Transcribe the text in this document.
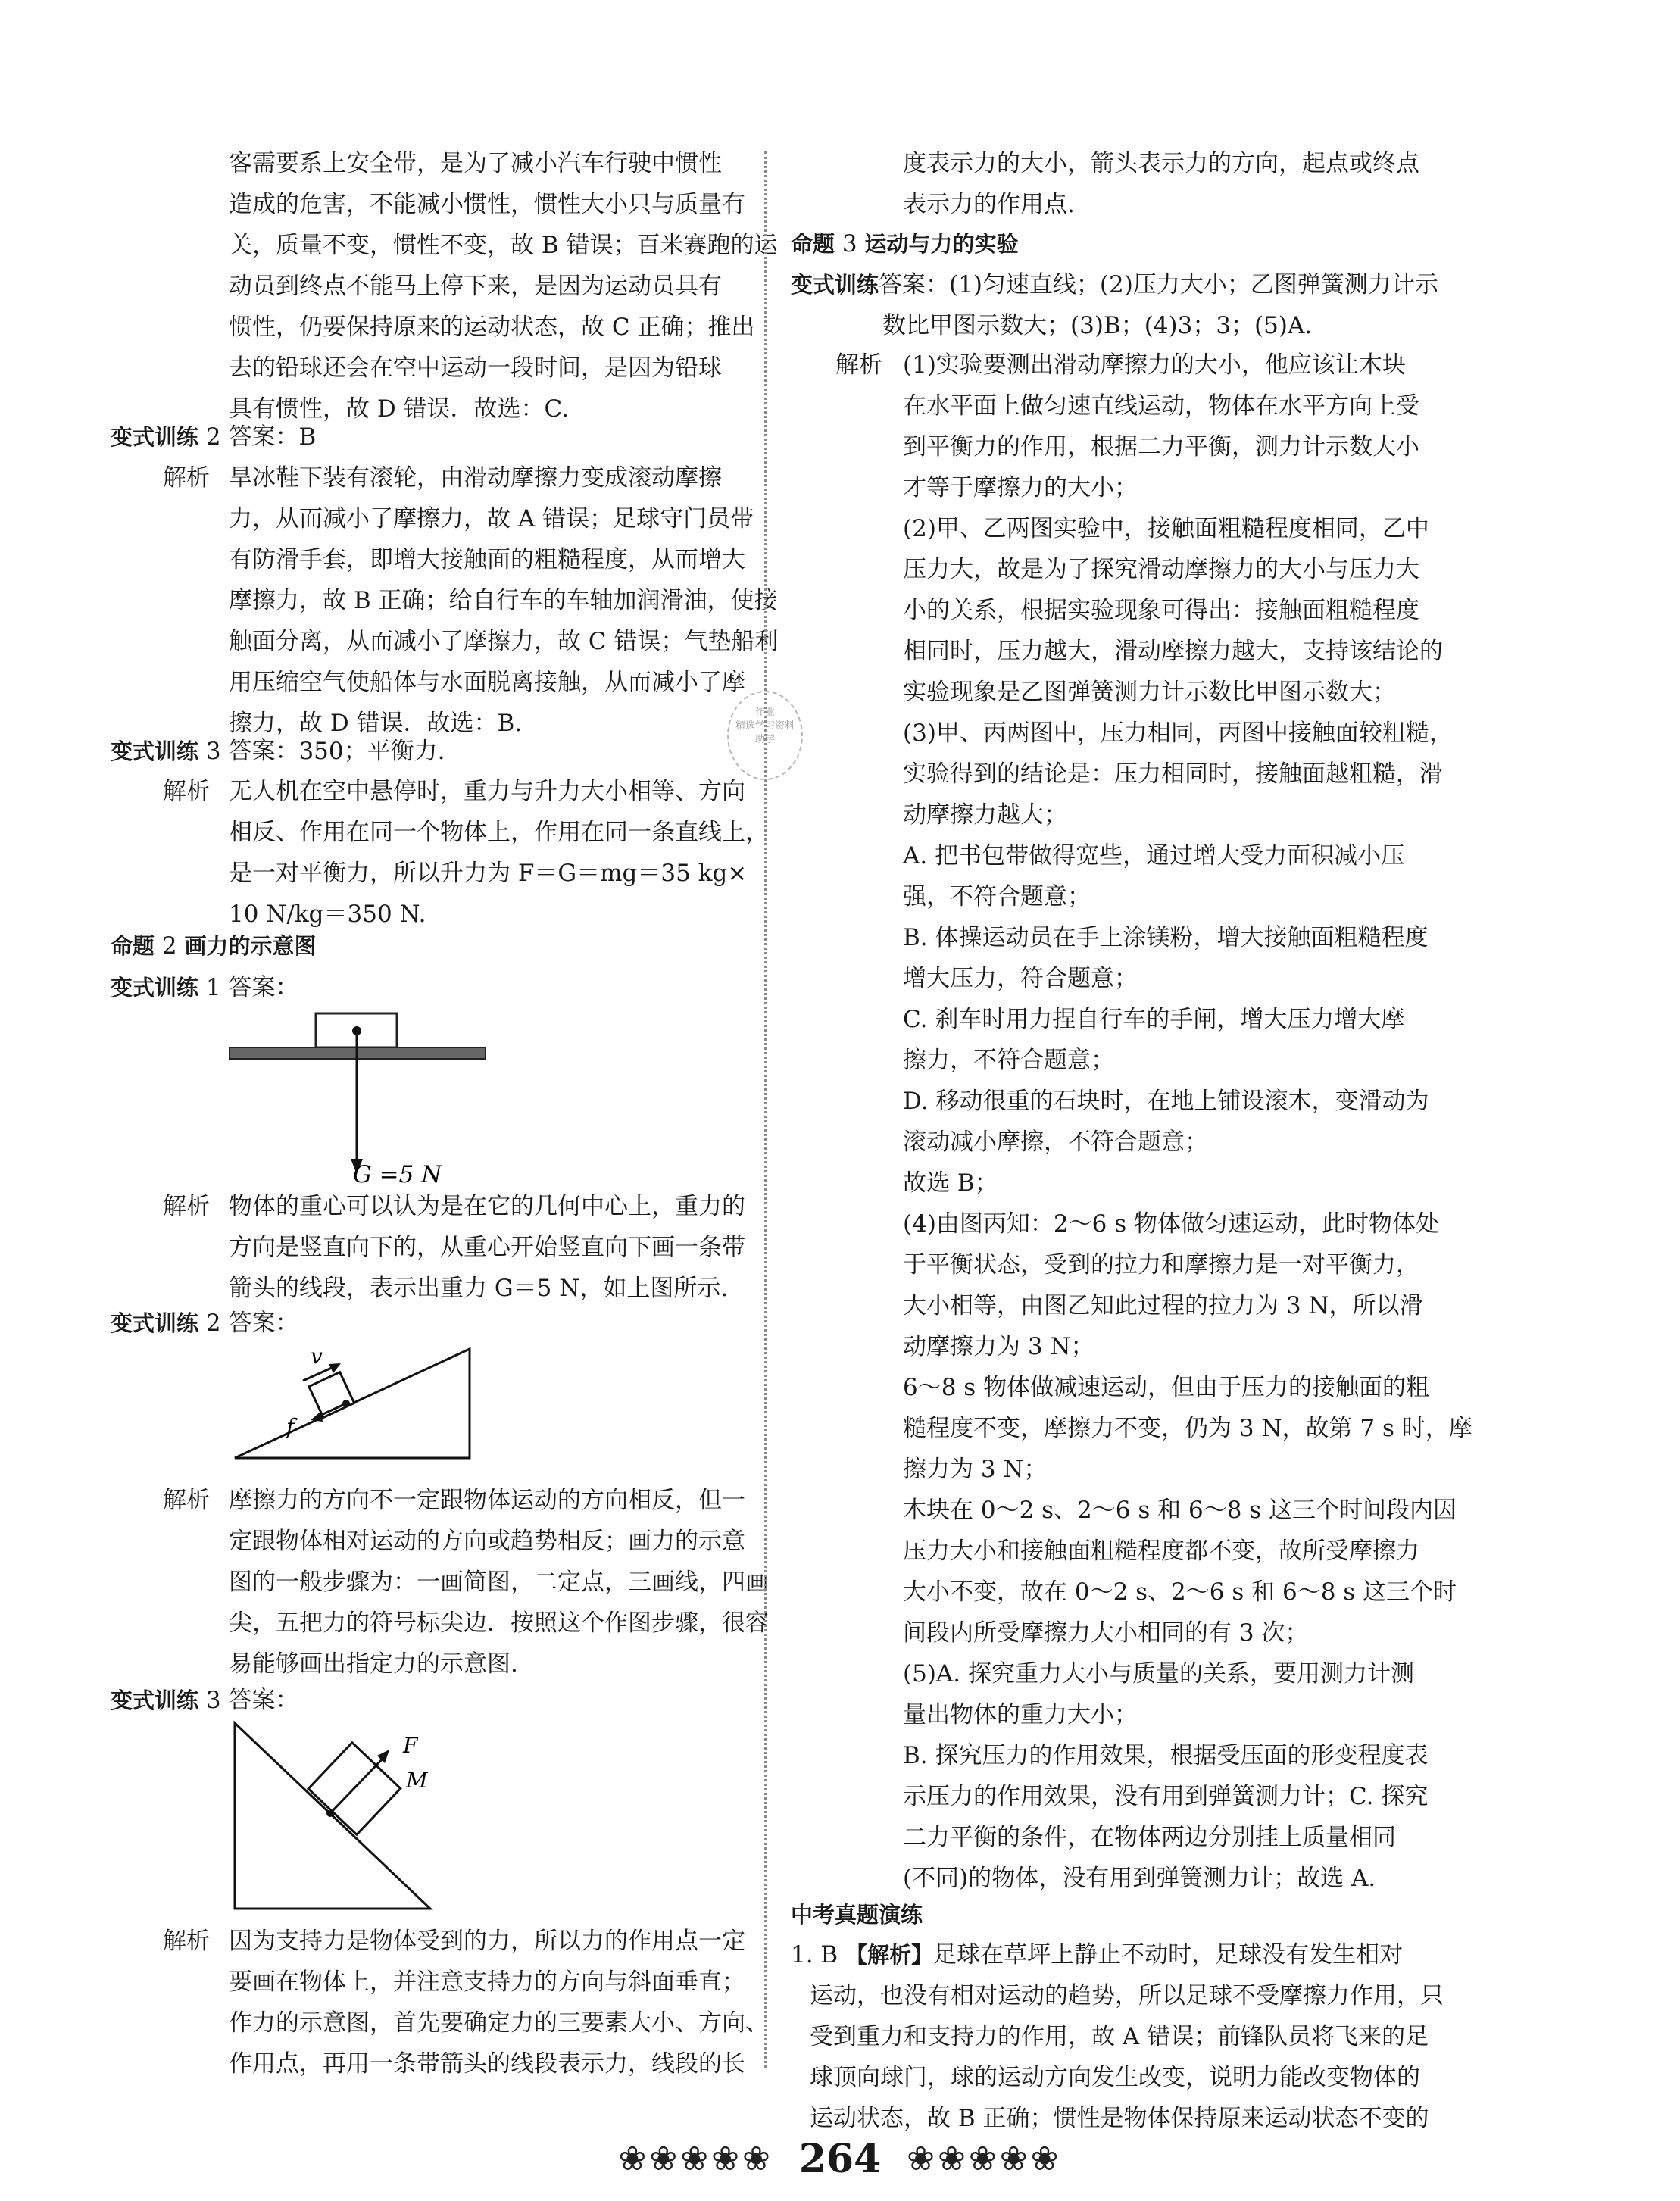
客需要系上安全带，是为了减小汽车行驶中惯性
造成的危害，不能减小惯性，惯性大小只与质量有
关，质量不变，惯性不变，故 B 错误；百米赛跑的运
动员到终点不能马上停下来，是因为运动员具有
惯性，仍要保持原来的运动状态，故 C 正确；推出
去的铅球还会在空中运动一段时间，是因为铅球
具有惯性，故 D 错误．故选：C.
变式训练 2 答案：B
解析 旱冰鞋下装有滚轮，由滑动摩擦力变成滚动摩擦
力，从而减小了摩擦力，故 A 错误；足球守门员带
有防滑手套，即增大接触面的粗糙程度，从而增大
摩擦力，故 B 正确；给自行车的车轴加润滑油，使接
触面分离，从而减小了摩擦力，故 C 错误；气垫船利
用压缩空气使船体与水面脱离接触，从而减小了摩
擦力，故 D 错误．故选：B.
变式训练 3 答案：350；平衡力.
解析 无人机在空中悬停时，重力与升力大小相等、方向
相反、作用在同一个物体上，作用在同一条直线上，
是一对平衡力，所以升力为 F＝G＝mg＝35 kg×
10 N/kg＝350 N.
命题 2 画力的示意图
变式训练 1 答案：
G =5 N
解析 物体的重心可以认为是在它的几何中心上，重力的
方向是竖直向下的，从重心开始竖直向下画一条带
箭头的线段，表示出重力 G＝5 N，如上图所示.
变式训练 2 答案：
v
f
解析 摩擦力的方向不一定跟物体运动的方向相反，但一
定跟物体相对运动的方向或趋势相反；画力的示意
图的一般步骤为：一画简图，二定点，三画线，四画
尖，五把力的符号标尖边．按照这个作图步骤，很容
易能够画出指定力的示意图.
变式训练 3 答案：
F
M
解析 因为支持力是物体受到的力，所以力的作用点一定
要画在物体上，并注意支持力的方向与斜面垂直；
作力的示意图，首先要确定力的三要素大小、方向、
作用点，再用一条带箭头的线段表示力，线段的长
作业
精选学习资料
助学
度表示力的大小，箭头表示力的方向，起点或终点
表示力的作用点.
命题 3 运动与力的实验
变式训练答案：(1)匀速直线；(2)压力大小；乙图弹簧测力计示
数比甲图示数大；(3)B；(4)3；3；(5)A.
解析 (1)实验要测出滑动摩擦力的大小，他应该让木块
在水平面上做匀速直线运动，物体在水平方向上受
到平衡力的作用，根据二力平衡，测力计示数大小
才等于摩擦力的大小；
(2)甲、乙两图实验中，接触面粗糙程度相同，乙中
压力大，故是为了探究滑动摩擦力的大小与压力大
小的关系，根据实验现象可得出：接触面粗糙程度
相同时，压力越大，滑动摩擦力越大，支持该结论的
实验现象是乙图弹簧测力计示数比甲图示数大；
(3)甲、丙两图中，压力相同，丙图中接触面较粗糙，
实验得到的结论是：压力相同时，接触面越粗糙，滑
动摩擦力越大；
A. 把书包带做得宽些，通过增大受力面积减小压
强，不符合题意；
B. 体操运动员在手上涂镁粉，增大接触面粗糙程度
增大压力，符合题意；
C. 刹车时用力捏自行车的手闸，增大压力增大摩
擦力，不符合题意；
D. 移动很重的石块时，在地上铺设滚木，变滑动为
滚动减小摩擦，不符合题意；
故选 B；
(4)由图丙知：2～6 s 物体做匀速运动，此时物体处
于平衡状态，受到的拉力和摩擦力是一对平衡力，
大小相等，由图乙知此过程的拉力为 3 N，所以滑
动摩擦力为 3 N；
6～8 s 物体做减速运动，但由于压力的接触面的粗
糙程度不变，摩擦力不变，仍为 3 N，故第 7 s 时，摩
擦力为 3 N；
木块在 0～2 s、2～6 s 和 6～8 s 这三个时间段内因
压力大小和接触面粗糙程度都不变，故所受摩擦力
大小不变，故在 0～2 s、2～6 s 和 6～8 s 这三个时
间段内所受摩擦力大小相同的有 3 次；
(5)A. 探究重力大小与质量的关系，要用测力计测
量出物体的重力大小；
B. 探究压力的作用效果，根据受压面的形变程度表
示压力的作用效果，没有用到弹簧测力计；C. 探究
二力平衡的条件，在物体两边分别挂上质量相同
(不同)的物体，没有用到弹簧测力计；故选 A.
中考真题演练
1. B 【解析】足球在草坪上静止不动时，足球没有发生相对
运动，也没有相对运动的趋势，所以足球不受摩擦力作用，只
受到重力和支持力的作用，故 A 错误；前锋队员将飞来的足
球顶向球门，球的运动方向发生改变，说明力能改变物体的
运动状态，故 B 正确；惯性是物体保持原来运动状态不变的
❀❀❀❀❀ 264 ❀❀❀❀❀
